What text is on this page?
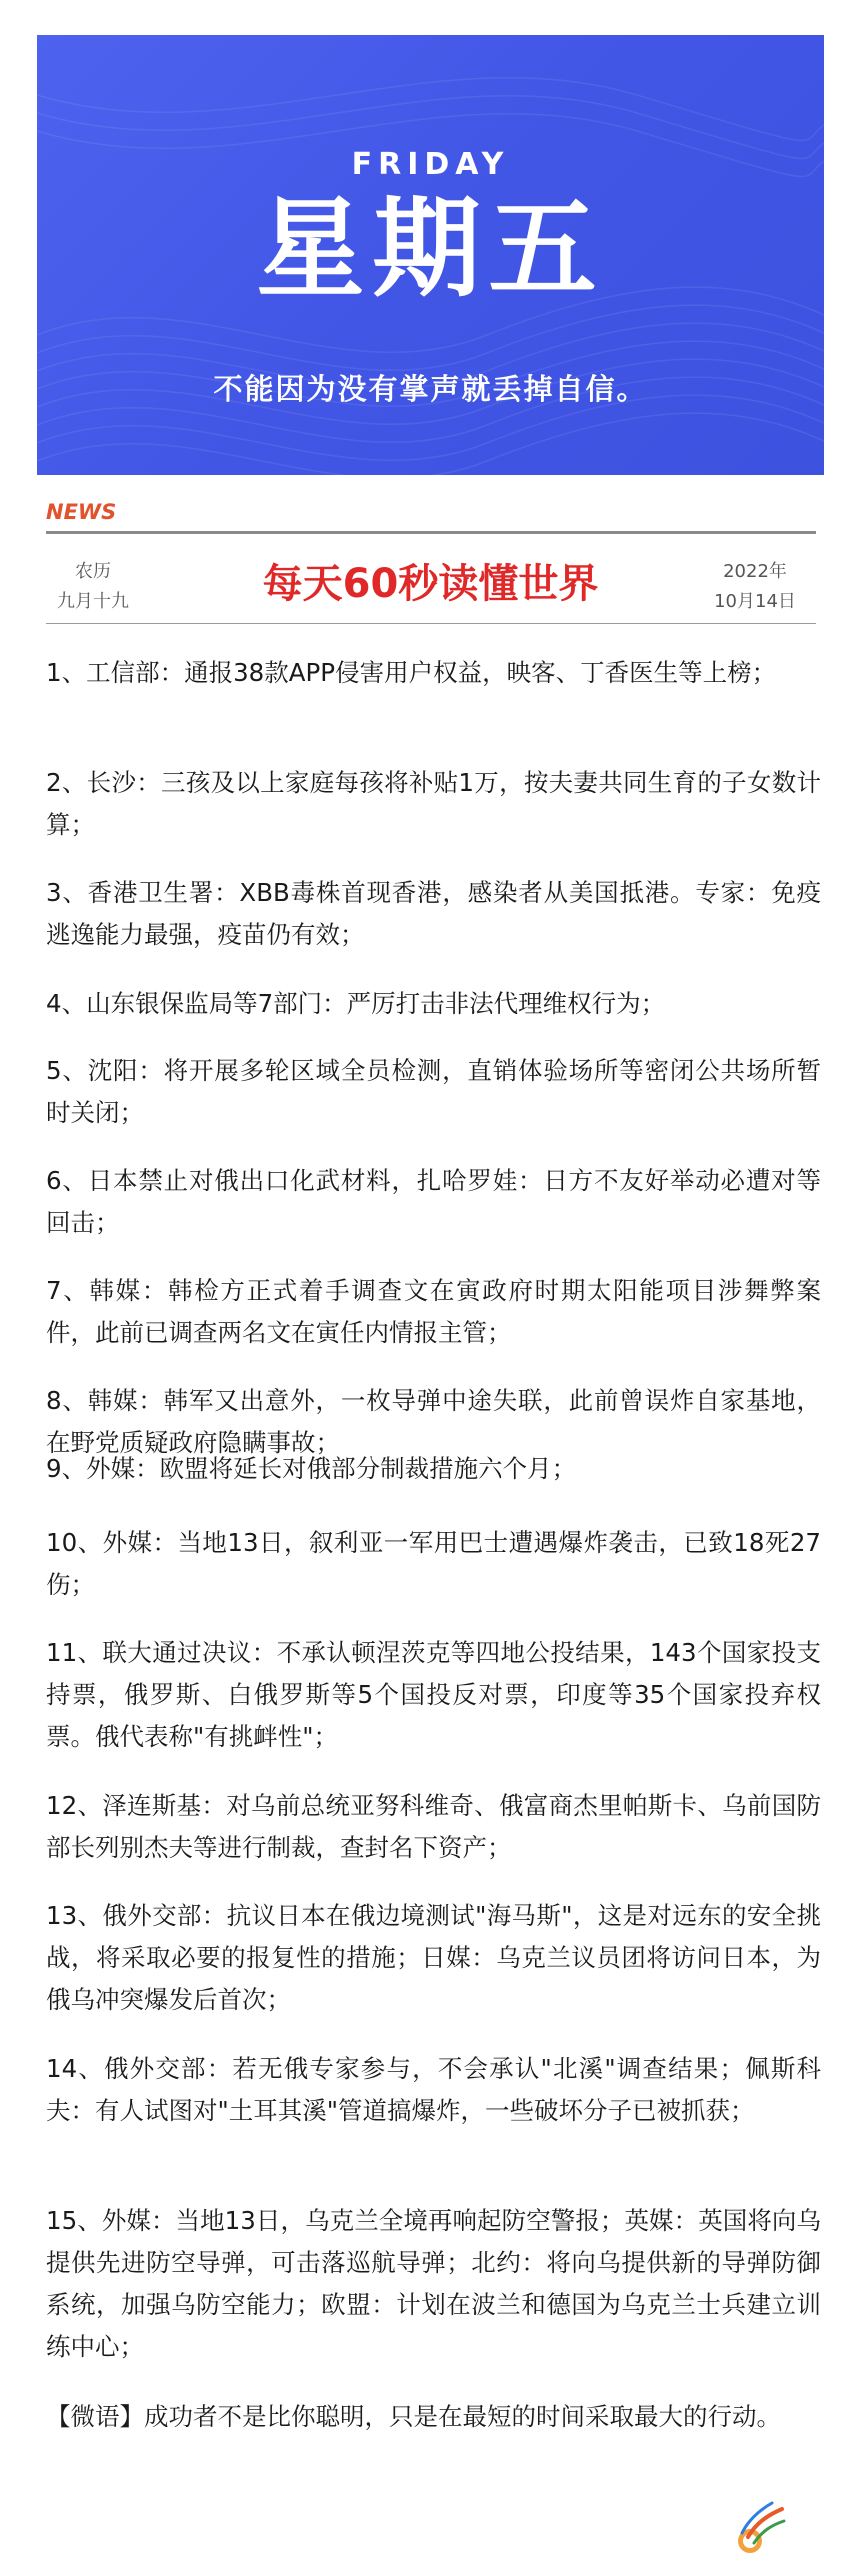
FRIDAY
星期五
不能因为没有掌声就丢掉自信。
NEWS
农历
九月十九	每天60秒读懂世界	2022年
10月14日
1、工信部：通报38款APP侵害用户权益，映客、丁香医生等上榜；
2、长沙：三孩及以上家庭每孩将补贴1万，按夫妻共同生育的子女数计算；
3、香港卫生署：XBB毒株首现香港，感染者从美国抵港。专家：免疫逃逸能力最强，疫苗仍有效；
4、山东银保监局等7部门：严厉打击非法代理维权行为；
5、沈阳：将开展多轮区域全员检测，直销体验场所等密闭公共场所暂时关闭；
6、日本禁止对俄出口化武材料，扎哈罗娃：日方不友好举动必遭对等回击；
7、韩媒：韩检方正式着手调查文在寅政府时期太阳能项目涉舞弊案件，此前已调查两名文在寅任内情报主管；
8、韩媒：韩军又出意外，一枚导弹中途失联，此前曾误炸自家基地，在野党质疑政府隐瞒事故；
9、外媒：欧盟将延长对俄部分制裁措施六个月；
10、外媒：当地13日，叙利亚一军用巴士遭遇爆炸袭击，已致18死27伤；
11、联大通过决议：不承认顿涅茨克等四地公投结果，143个国家投支持票，俄罗斯、白俄罗斯等5个国投反对票，印度等35个国家投弃权票。俄代表称"有挑衅性"；
12、泽连斯基：对乌前总统亚努科维奇、俄富商杰里帕斯卡、乌前国防部长列别杰夫等进行制裁，查封名下资产；
13、俄外交部：抗议日本在俄边境测试"海马斯"，这是对远东的安全挑战，将采取必要的报复性的措施；日媒：乌克兰议员团将访问日本，为俄乌冲突爆发后首次；
14、俄外交部：若无俄专家参与，不会承认"北溪"调查结果；佩斯科夫：有人试图对"土耳其溪"管道搞爆炸，一些破坏分子已被抓获；
15、外媒：当地13日，乌克兰全境再响起防空警报；英媒：英国将向乌提供先进防空导弹，可击落巡航导弹；北约：将向乌提供新的导弹防御系统，加强乌防空能力；欧盟：计划在波兰和德国为乌克兰士兵建立训练中心；
【微语】成功者不是比你聪明，只是在最短的时间采取最大的行动。
